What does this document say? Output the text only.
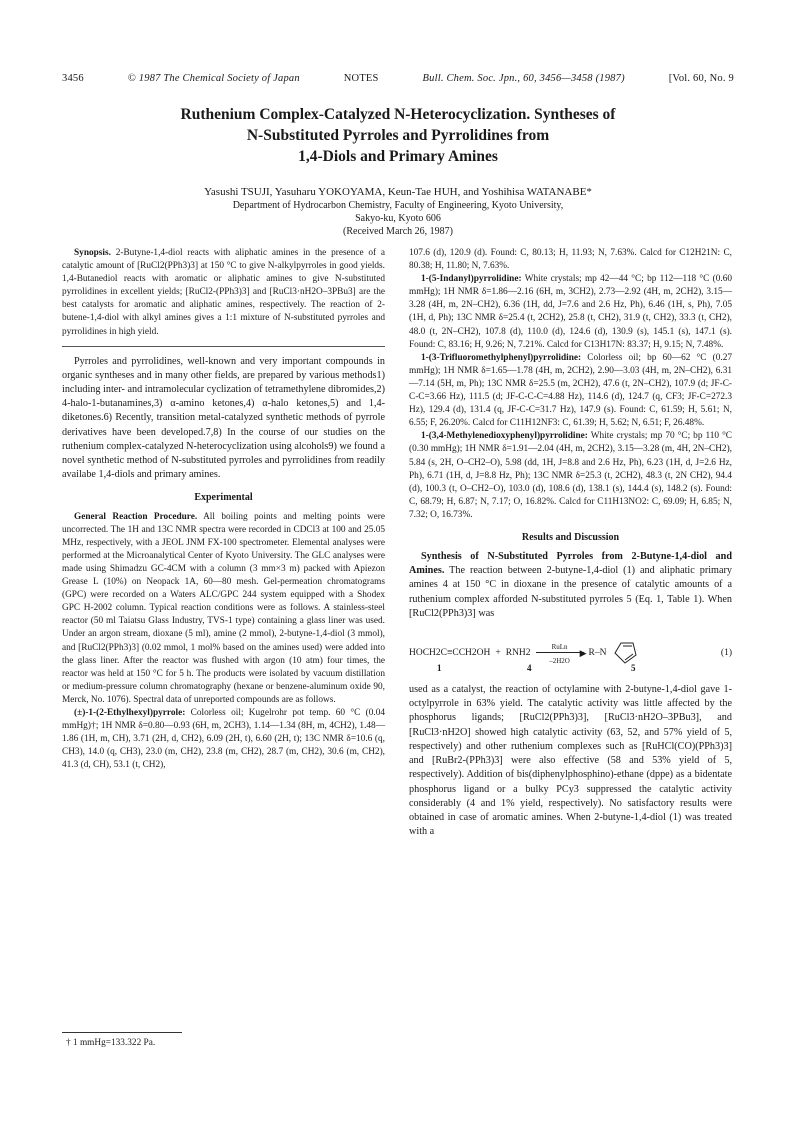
3456	© 1987 The Chemical Society of Japan	NOTES	Bull. Chem. Soc. Jpn., 60, 3456—3458 (1987)	[Vol. 60, No. 9

Ruthenium Complex-Catalyzed N-Heterocyclization. Syntheses of
N-Substituted Pyrroles and Pyrrolidines from
1,4-Diols and Primary Amines

Yasushi TSUJI, Yasuharu YOKOYAMA, Keun-Tae HUH, and Yoshihisa WATANABE*
Department of Hydrocarbon Chemistry, Faculty of Engineering, Kyoto University,
Sakyo-ku, Kyoto 606
(Received March 26, 1987)

Synopsis. 2-Butyne-1,4-diol reacts with aliphatic amines in the presence of a catalytic amount of [RuCl2(PPh3)3] at 150 °C to give N-alkylpyrroles in good yields. 1,4-Butanediol reacts with aromatic or aliphatic amines to give N-substituted pyrrolidines in excellent yields; [RuCl2-(PPh3)3] and [RuCl3·nH2O–3PBu3] are the best catalysts for aromatic and aliphatic amines, respectively. The reaction of 2-butene-1,4-diol with alkyl amines gives a 1:1 mixture of N-substituted pyrroles and pyrrolidines in high yield.

Pyrroles and pyrrolidines, well-known and very important compounds in organic syntheses and in many other fields, are prepared by various methods1) including inter- and intramolecular cyclization of tetramethylene dibromides,2) 4-halo-1-butanamines,3) α-amino ketones,4) α-halo ketones,5) and 1,4-diketones.6) Recently, transition metal-catalyzed synthetic methods of pyrrole derivatives have been developed.7,8) In the course of our studies on the ruthenium complex-catalyzed N-heterocyclization using alcohols9) we found a novel synthetic method of N-substituted pyrroles and pyrrolidines from readily availabe 1,4-diols and primary amines.

Experimental

General Reaction Procedure. All boiling points and melting points were uncorrected. The 1H and 13C NMR spectra were recorded in CDCl3 at 100 and 25.05 MHz, respectively, with a JEOL JNM FX-100 spectrometer. Elemental analyses were performed at the Microanalytical Center of Kyoto University. The GLC analyses were made using Shimadzu GC-4CM with a column (3 mm×3 m) packed with Apiezon Grease L (10%) on Neopack 1A, 60—80 mesh. Gel-permeation chromatograms (GPC) were recorded on a Waters ALC/GPC 244 system equipped with a Shodex GPC H-2002 column. Typical reaction conditions were as follows. A stainless-steel reactor (50 ml Taiatsu Glass Industry, TVS-1 type) containing a glass liner was used. Under an argon stream, dioxane (5 ml), amine (2 mmol), 2-butyne-1,4-diol (3 mmol), and [RuCl2(PPh3)3] (0.02 mmol, 1 mol% based on the amines used) were added into the glass liner. After the reactor was flushed with argon (10 atm) four times, the reactor was held at 150 °C for 5 h. The products were isolated by vacuum distillation or medium-pressure column chromatography (hexane or benzene-aluminum oxide 90, Merck, No. 1076). Spectral data of unreported compounds are as follows.

(±)-1-(2-Ethylhexyl)pyrrole: Colorless oil; Kugelrohr pot temp. 60 °C (0.04 mmHg)†; 1H NMR δ=0.80—0.93 (6H, m, 2CH3), 1.14—1.34 (8H, m, 4CH2), 1.48—1.86 (1H, m, CH), 3.71 (2H, d, CH2), 6.09 (2H, t), 6.60 (2H, t); 13C NMR δ=10.6 (q, CH3), 14.0 (q, CH3), 23.0 (m, CH2), 23.8 (m, CH2), 28.7 (m, CH2), 30.6 (m, CH2), 41.3 (d, CH), 53.1 (t, CH2),

107.6 (d), 120.9 (d). Found: C, 80.13; H, 11.93; N, 7.63%. Calcd for C12H21N: C, 80.38; H, 11.80; N, 7.63%.

1-(5-Indanyl)pyrrolidine: White crystals; mp 42—44 °C; bp 112—118 °C (0.60 mmHg); 1H NMR δ=1.86—2.16 (6H, m, 3CH2), 2.73—2.92 (4H, m, 2CH2), 3.15—3.28 (4H, m, 2N–CH2), 6.36 (1H, dd, J=7.6 and 2.6 Hz, Ph), 6.46 (1H, s, Ph), 7.05 (1H, d, Ph); 13C NMR δ=25.4 (t, 2CH2), 25.8 (t, CH2), 31.9 (t, CH2), 33.3 (t, CH2), 48.0 (t, 2N–CH2), 107.8 (d), 110.0 (d), 124.6 (d), 130.9 (s), 145.1 (s), 147.1 (s). Found: C, 83.16; H, 9.26; N, 7.21%. Calcd for C13H17N: 83.37; H, 9.15; N, 7.48%.

1-(3-Trifluoromethylphenyl)pyrrolidine: Colorless oil; bp 60—62 °C (0.27 mmHg); 1H NMR δ=1.65—1.78 (4H, m, 2CH2), 2.90—3.03 (4H, m, 2N–CH2), 6.31—7.14 (5H, m, Ph); 13C NMR δ=25.5 (m, 2CH2), 47.6 (t, 2N–CH2), 107.9 (d; JF-C-C-C=3.66 Hz), 111.5 (d; JF-C-C-C=4.88 Hz), 114.6 (d), 124.7 (q, CF3; JF-C=272.3 Hz), 129.4 (d), 131.4 (q, JF-C-C=31.7 Hz), 147.9 (s). Found: C, 61.59; H, 5.61; N, 6.55; F, 26.20%. Calcd for C11H12NF3: C, 61.39; H, 5.62; N, 6.51; F, 26.48%.

1-(3,4-Methylenedioxyphenyl)pyrrolidine: White crystals; mp 70 °C; bp 110 °C (0.30 mmHg); 1H NMR δ=1.91—2.04 (4H, m, 2CH2), 3.15—3.28 (m, 4H, 2N–CH2), 5.84 (s, 2H, O–CH2–O), 5.98 (dd, 1H, J=8.8 and 2.6 Hz, Ph), 6.23 (1H, d, J=2.6 Hz, Ph), 6.71 (1H, d, J=8.8 Hz, Ph); 13C NMR δ=25.3 (t, 2CH2), 48.3 (t, 2N CH2), 94.4 (d), 100.3 (t, O–CH2–O), 103.0 (d), 108.6 (d), 138.1 (s), 144.4 (s), 148.2 (s). Found: C, 68.79; H, 6.87; N, 7.17; O, 16.82%. Calcd for C11H13NO2: C, 69.09; H, 6.85; N, 7.32; O, 16.73%.

Results and Discussion

Synthesis of N-Substituted Pyrroles from 2-Butyne-1,4-diol and Amines. The reaction between 2-butyne-1,4-diol (1) and aliphatic primary amines 4 at 150 °C in dioxane in the presence of catalytic amounts of a ruthenium complex afforded N-substituted pyrroles 5 (Eq. 1, Table 1). When [RuCl2(PPh3)3] was

HOCH2C≡CCH2OH + RNH2
RuLn
▶
–2H2O
R–N	(1)
1	4	5

used as a catalyst, the reaction of octylamine with 2-butyne-1,4-diol gave 1-octylpyrrole in 63% yield. The catalytic activity was little affected by the phosphorus ligands; [RuCl2(PPh3)3], [RuCl3·nH2O–3PBu3], and [RuCl3·nH2O] showed high catalytic activity (63, 52, and 57% yield of 5, respectively) and other ruthenium complexes such as [RuHCl(CO)(PPh3)3] and [RuBr2-(PPh3)3] were also effective (58 and 53% yield of 5, respectively). Addition of bis(diphenylphosphino)-ethane (dppe) as a bidentate phosphorus ligand or a bulky PCy3 suppressed the catalytic activity considerably (4 and 1% yield, respectively). No satisfactory results were obtained in case of aromatic amines. When 2-butyne-1,4-diol (1) was treated with a

† 1 mmHg=133.322 Pa.
